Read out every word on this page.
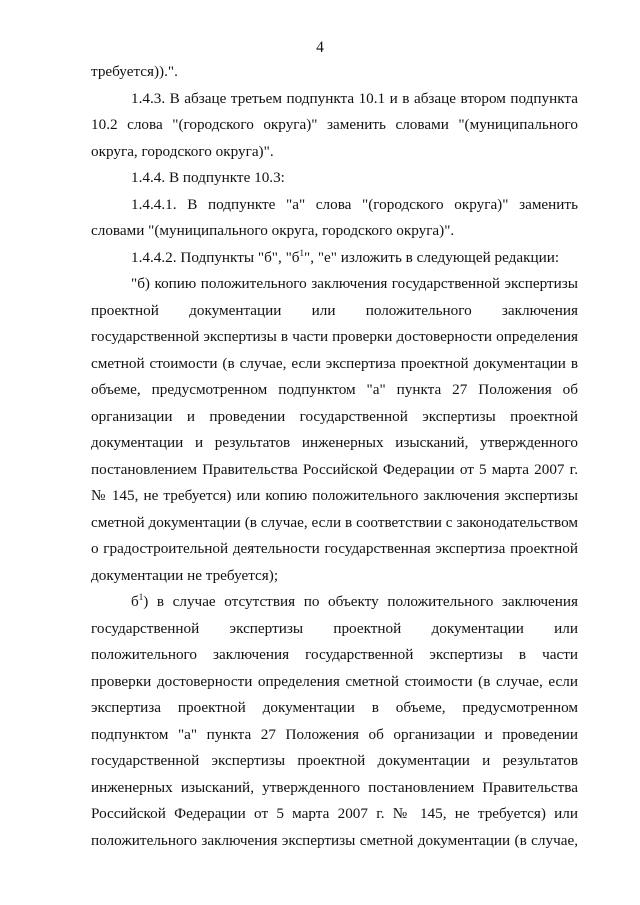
4

требуется)).".

1.4.3. В абзаце третьем подпункта 10.1 и в абзаце втором подпункта 10.2 слова "(городского округа)" заменить словами "(муниципального округа, городского округа)".

1.4.4. В подпункте 10.3:

1.4.4.1. В подпункте "а" слова "(городского округа)" заменить словами "(муниципального округа, городского округа)".

1.4.4.2. Подпункты "б", "$б^1$", "е" изложить в следующей редакции:

"б) копию положительного заключения государственной экспертизы проектной документации или положительного заключения государственной экспертизы в части проверки достоверности определения сметной стоимости (в случае, если экспертиза проектной документации в объеме, предусмотренном подпунктом "а" пункта 27 Положения об организации и проведении государственной экспертизы проектной документации и результатов инженерных изысканий, утвержденного постановлением Правительства Российской Федерации от 5 марта 2007 г. № 145, не требуется) или копию положительного заключения экспертизы сметной документации (в случае, если в соответствии с законодательством о градостроительной деятельности государственная экспертиза проектной документации не требуется);

$б^1$) в случае отсутствия по объекту положительного заключения государственной экспертизы проектной документации или положительного заключения государственной экспертизы в части проверки достоверности определения сметной стоимости (в случае, если экспертиза проектной документации в объеме, предусмотренном подпунктом "а" пункта 27 Положения об организации и проведении государственной экспертизы проектной документации и результатов инженерных изысканий, утвержденного постановлением Правительства Российской Федерации от 5 марта 2007 г. № 145, не требуется) или положительного заключения экспертизы сметной документации (в случае,
